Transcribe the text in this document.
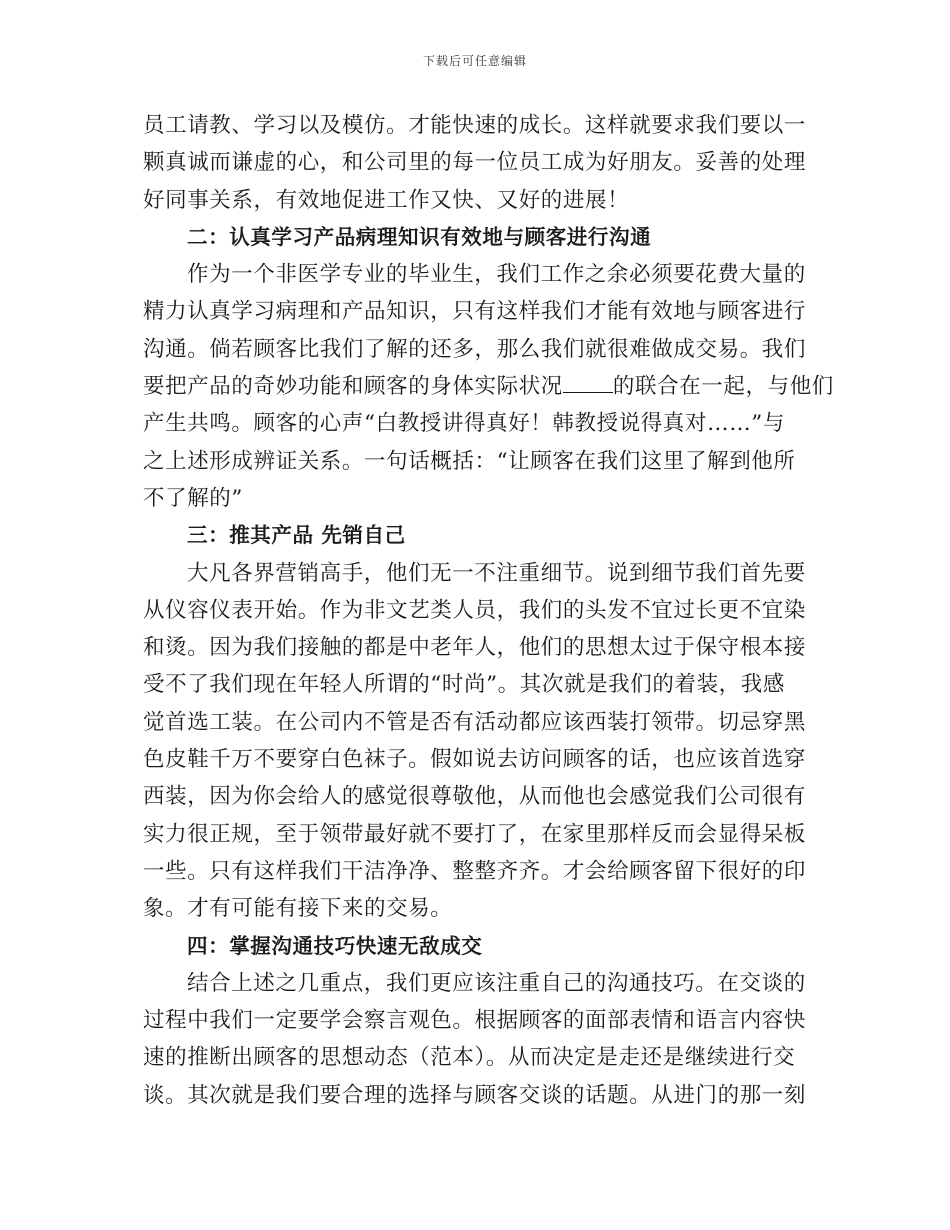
下载后可任意编辑
员工请教、学习以及模仿。才能快速的成长。这样就要求我们要以一
颗真诚而谦虚的心，和公司里的每一位员工成为好朋友。妥善的处理
好同事关系，有效地促进工作又快、又好的进展！
二：认真学习产品病理知识有效地与顾客进行沟通
作为一个非医学专业的毕业生，我们工作之余必须要花费大量的
精力认真学习病理和产品知识，只有这样我们才能有效地与顾客进行
沟通。倘若顾客比我们了解的还多，那么我们就很难做成交易。我们
要把产品的奇妙功能和顾客的身体实际状况 的联合在一起，与他们
产生共鸣。顾客的心声“白教授讲得真好！韩教授说得真对……”与
之上述形成辨证关系。一句话概括：“让顾客在我们这里了解到他所
不了解的”
三：推其产品 先销自己
大凡各界营销高手，他们无一不注重细节。说到细节我们首先要
从仪容仪表开始。作为非文艺类人员，我们的头发不宜过长更不宜染
和烫。因为我们接触的都是中老年人，他们的思想太过于保守根本接
受不了我们现在年轻人所谓的“时尚”。其次就是我们的着装，我感
觉首选工装。在公司内不管是否有活动都应该西装打领带。切忌穿黑
色皮鞋千万不要穿白色袜子。假如说去访问顾客的话，也应该首选穿
西装，因为你会给人的感觉很尊敬他，从而他也会感觉我们公司很有
实力很正规，至于领带最好就不要打了，在家里那样反而会显得呆板
一些。只有这样我们干洁净净、整整齐齐。才会给顾客留下很好的印
象。才有可能有接下来的交易。
四：掌握沟通技巧快速无敌成交
结合上述之几重点，我们更应该注重自己的沟通技巧。在交谈的
过程中我们一定要学会察言观色。根据顾客的面部表情和语言内容快
速的推断出顾客的思想动态（范本）。从而决定是走还是继续进行交
谈。其次就是我们要合理的选择与顾客交谈的话题。从进门的那一刻
